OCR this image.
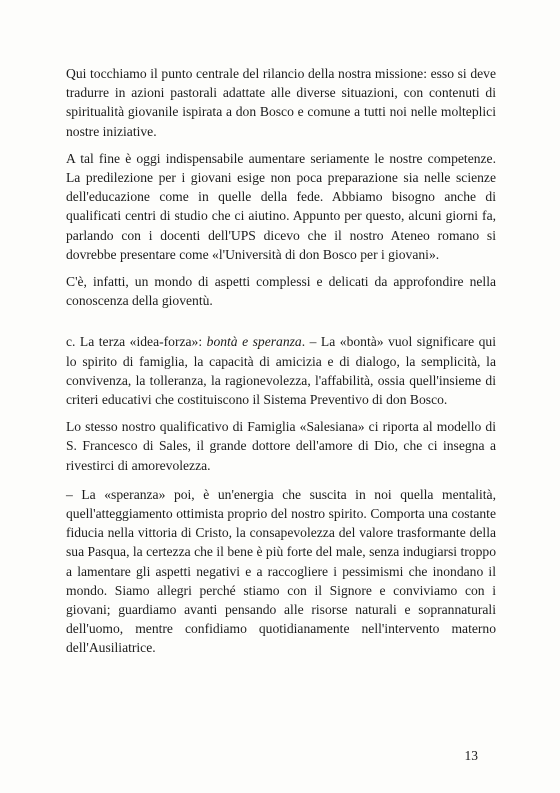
Qui tocchiamo il punto centrale del rilancio della nostra missione: esso si deve tradurre in azioni pastorali adattate alle diverse situazioni, con contenuti di spiritualità giovanile ispirata a don Bosco e comune a tutti noi nelle molteplici nostre iniziative.

A tal fine è oggi indispensabile aumentare seriamente le nostre competenze. La predilezione per i giovani esige non poca preparazione sia nelle scienze dell'educazione come in quelle della fede. Abbiamo bisogno anche di qualificati centri di studio che ci aiutino. Appunto per questo, alcuni giorni fa, parlando con i docenti dell'UPS dicevo che il nostro Ateneo romano si dovrebbe presentare come «l'Università di don Bosco per i giovani».

C'è, infatti, un mondo di aspetti complessi e delicati da approfondire nella conoscenza della gioventù.

c. La terza «idea-forza»: bontà e speranza. – La «bontà» vuol significare qui lo spirito di famiglia, la capacità di amicizia e di dialogo, la semplicità, la convivenza, la tolleranza, la ragionevolezza, l'affabilità, ossia quell'insieme di criteri educativi che costituiscono il Sistema Preventivo di don Bosco.

Lo stesso nostro qualificativo di Famiglia «Salesiana» ci riporta al modello di S. Francesco di Sales, il grande dottore dell'amore di Dio, che ci insegna a rivestirci di amorevolezza.

– La «speranza» poi, è un'energia che suscita in noi quella mentalità, quell'atteggiamento ottimista proprio del nostro spirito. Comporta una costante fiducia nella vittoria di Cristo, la consapevolezza del valore trasformante della sua Pasqua, la certezza che il bene è più forte del male, senza indugiarsi troppo a lamentare gli aspetti negativi e a raccogliere i pessimismi che inondano il mondo. Siamo allegri perché stiamo con il Signore e conviviamo con i giovani; guardiamo avanti pensando alle risorse naturali e soprannaturali dell'uomo, mentre confidiamo quotidianamente nell'intervento materno dell'Ausiliatrice.

13
